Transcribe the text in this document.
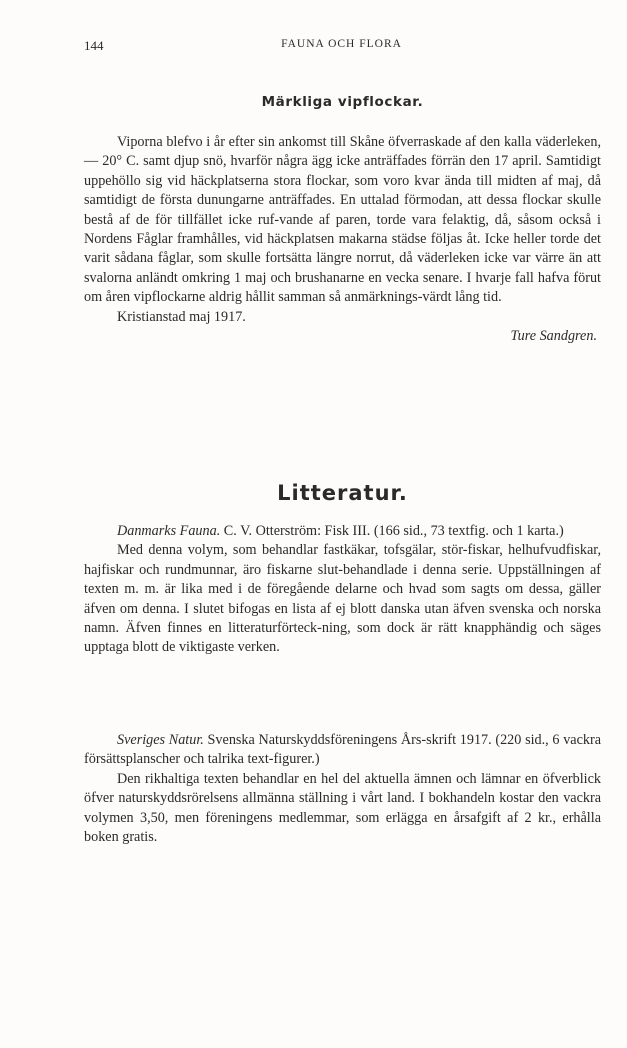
144	FAUNA OCH FLORA
Märkliga vipflockar.

Viporna blefvo i år efter sin ankomst till Skåne öfverraskade af den kalla väderleken, — 20° C. samt djup snö, hvarför några ägg icke anträffades förrän den 17 april. Samtidigt uppehöllo sig vid häckplatserna stora flockar, som voro kvar ända till midten af maj, då samtidigt de första dunungarne anträffades. En uttalad förmodan, att dessa flockar skulle bestå af de för tillfället icke ruf-vande af paren, torde vara felaktig, då, såsom också i Nordens Fåglar framhålles, vid häckplatsen makarna städse följas åt. Icke heller torde det varit sådana fåglar, som skulle fortsätta längre norrut, då väderleken icke var värre än att svalorna anländt omkring 1 maj och brushanarne en vecka senare. I hvarje fall hafva förut om åren vipflockarne aldrig hållit samman så anmärknings-värdt lång tid.

Kristianstad maj 1917.

Ture Sandgren.

Litteratur.

Danmarks Fauna. C. V. Otterström: Fisk III. (166 sid., 73 textfig. och 1 karta.)

Med denna volym, som behandlar fastkäkar, tofsgälar, stör-fiskar, helhufvudfiskar, hajfiskar och rundmunnar, äro fiskarne slut-behandlade i denna serie. Uppställningen af texten m. m. är lika med i de föregående delarne och hvad som sagts om dessa, gäller äfven om denna. I slutet bifogas en lista af ej blott danska utan äfven svenska och norska namn. Äfven finnes en litteraturförteck-ning, som dock är rätt knapphändig och säges upptaga blott de viktigaste verken.

Sveriges Natur. Svenska Naturskyddsföreningens Års-skrift 1917. (220 sid., 6 vackra försättsplanscher och talrika text-figurer.)

Den rikhaltiga texten behandlar en hel del aktuella ämnen och lämnar en öfverblick öfver naturskyddsrörelsens allmänna ställning i vårt land. I bokhandeln kostar den vackra volymen 3,50, men föreningens medlemmar, som erlägga en årsafgift af 2 kr., erhålla boken gratis.
